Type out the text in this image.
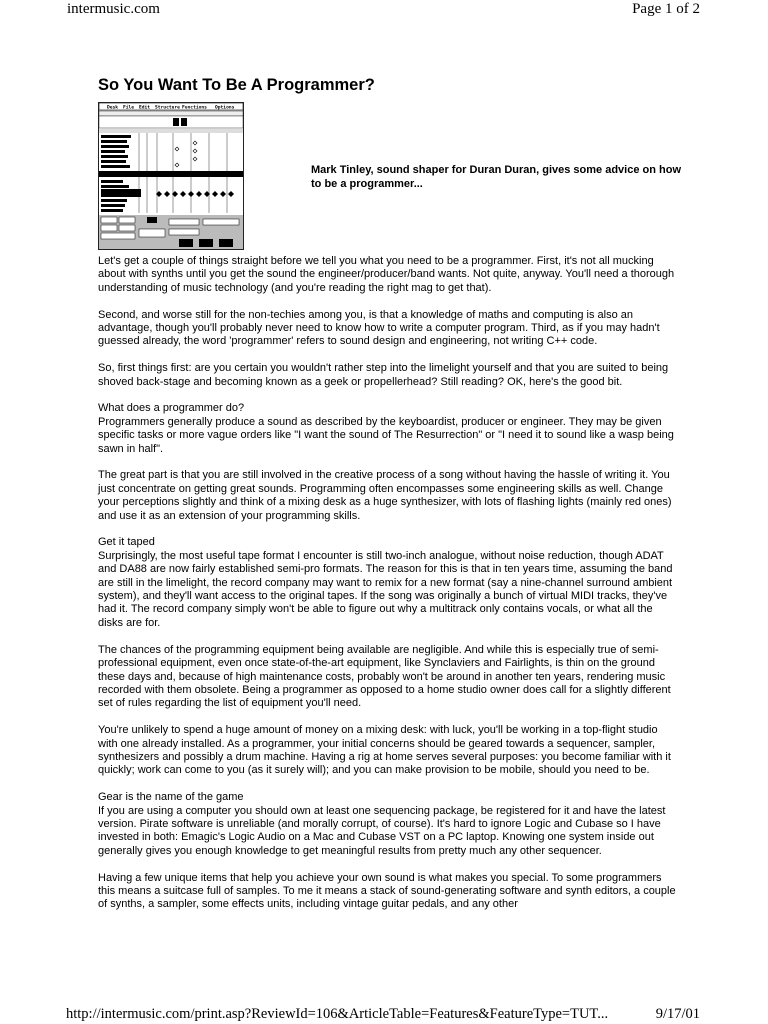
intermusic.com	Page 1 of 2
So You Want To Be A Programmer?
Desk File Edit Structure Functions Options
Mark Tinley, sound shaper for Duran Duran, gives some advice on how to be a programmer...

Let's get a couple of things straight before we tell you what you need to be a programmer. First, it's not all mucking about with synths until you get the sound the engineer/producer/band wants. Not quite, anyway. You'll need a thorough understanding of music technology (and you're reading the right mag to get that).

Second, and worse still for the non-techies among you, is that a knowledge of maths and computing is also an advantage, though you'll probably never need to know how to write a computer program. Third, as if you may hadn't guessed already, the word 'programmer' refers to sound design and engineering, not writing C++ code.

So, first things first: are you certain you wouldn't rather step into the limelight yourself and that you are suited to being shoved back-stage and becoming known as a geek or propellerhead? Still reading? OK, here's the good bit.

What does a programmer do?
Programmers generally produce a sound as described by the keyboardist, producer or engineer. They may be given specific tasks or more vague orders like "I want the sound of The Resurrection" or "I need it to sound like a wasp being sawn in half".

The great part is that you are still involved in the creative process of a song without having the hassle of writing it. You just concentrate on getting great sounds. Programming often encompasses some engineering skills as well. Change your perceptions slightly and think of a mixing desk as a huge synthesizer, with lots of flashing lights (mainly red ones) and use it as an extension of your programming skills.

Get it taped
Surprisingly, the most useful tape format I encounter is still two-inch analogue, without noise reduction, though ADAT and DA88 are now fairly established semi-pro formats. The reason for this is that in ten years time, assuming the band are still in the limelight, the record company may want to remix for a new format (say a nine-channel surround ambient system), and they'll want access to the original tapes. If the song was originally a bunch of virtual MIDI tracks, they've had it. The record company simply won't be able to figure out why a multitrack only contains vocals, or what all the disks are for.

The chances of the programming equipment being available are negligible. And while this is especially true of semi-professional equipment, even once state-of-the-art equipment, like Synclaviers and Fairlights, is thin on the ground these days and, because of high maintenance costs, probably won't be around in another ten years, rendering music recorded with them obsolete. Being a programmer as opposed to a home studio owner does call for a slightly different set of rules regarding the list of equipment you'll need.

You're unlikely to spend a huge amount of money on a mixing desk: with luck, you'll be working in a top-flight studio with one already installed. As a programmer, your initial concerns should be geared towards a sequencer, sampler, synthesizers and possibly a drum machine. Having a rig at home serves several purposes: you become familiar with it quickly; work can come to you (as it surely will); and you can make provision to be mobile, should you need to be.

Gear is the name of the game
If you are using a computer you should own at least one sequencing package, be registered for it and have the latest version. Pirate software is unreliable (and morally corrupt, of course). It's hard to ignore Logic and Cubase so I have invested in both: Emagic's Logic Audio on a Mac and Cubase VST on a PC laptop. Knowing one system inside out generally gives you enough knowledge to get meaningful results from pretty much any other sequencer.

Having a few unique items that help you achieve your own sound is what makes you special. To some programmers this means a suitcase full of samples. To me it means a stack of sound-generating software and synth editors, a couple of synths, a sampler, some effects units, including vintage guitar pedals, and any other

http://intermusic.com/print.asp?ReviewId=106&ArticleTable=Features&FeatureType=TUT...	9/17/01
